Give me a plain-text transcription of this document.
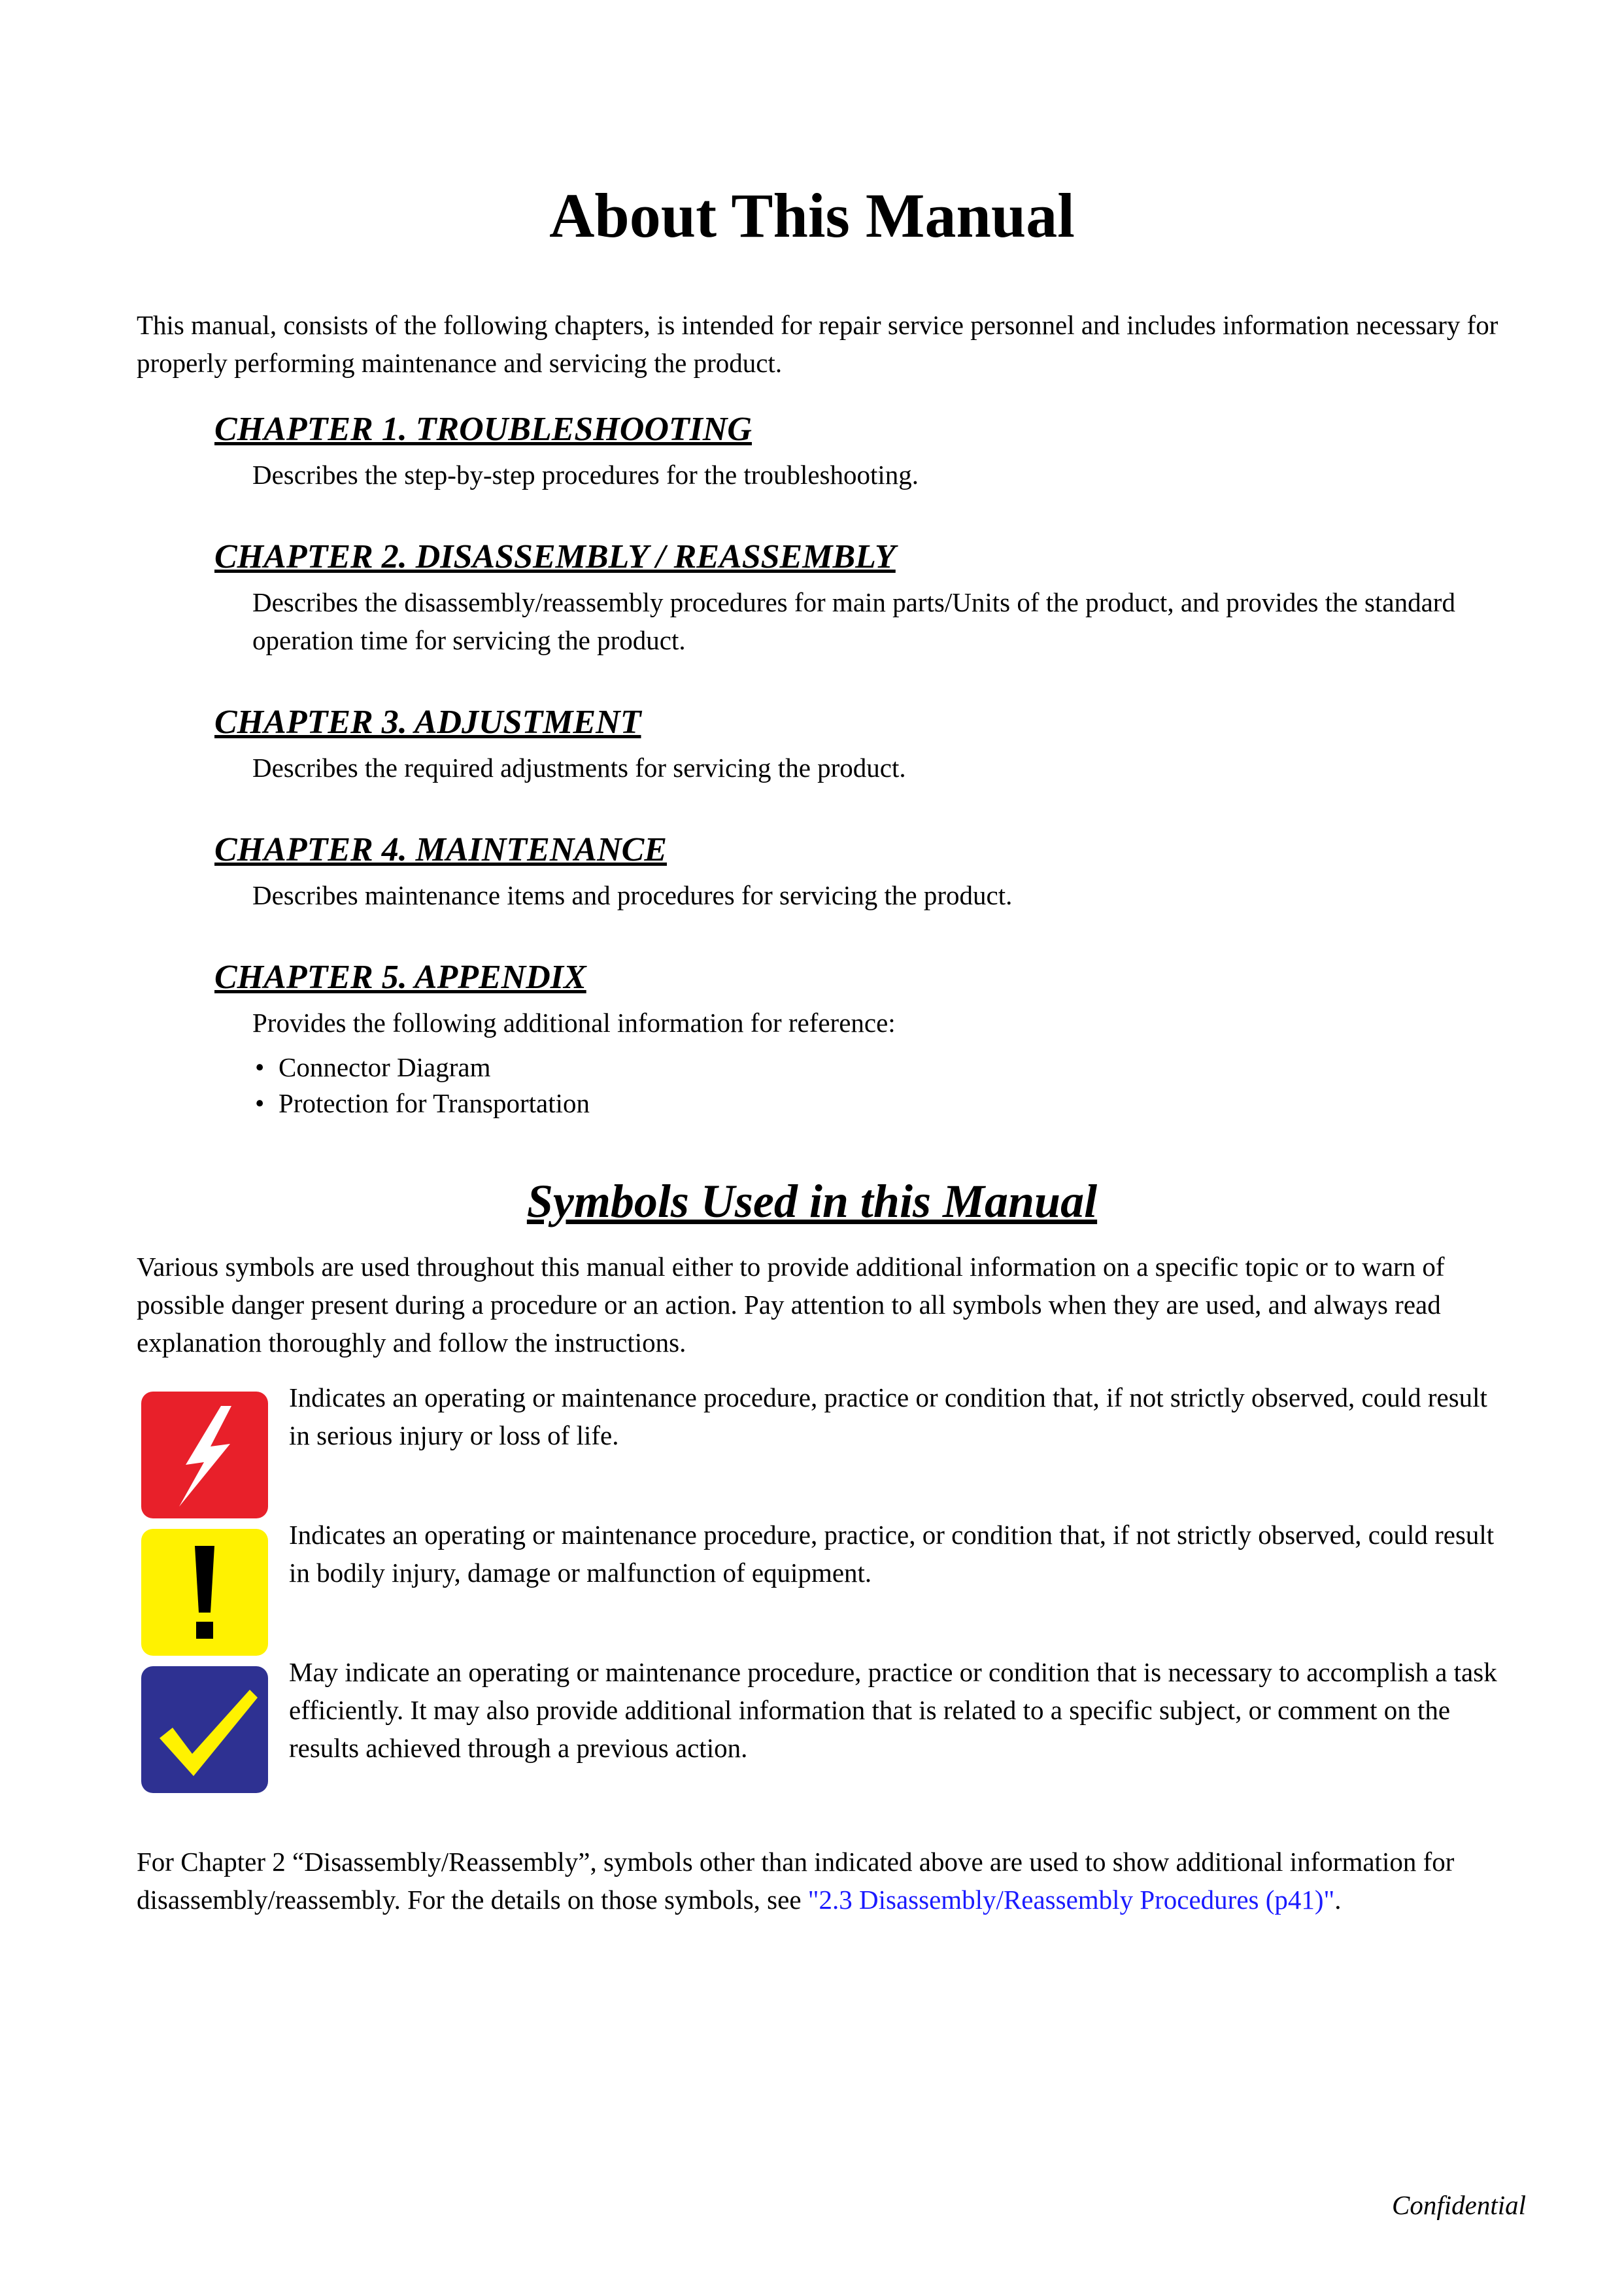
About This Manual

This manual, consists of the following chapters, is intended for repair service personnel and includes information necessary for properly performing maintenance and servicing the product.

CHAPTER 1. TROUBLESHOOTING

Describes the step-by-step procedures for the troubleshooting.

CHAPTER 2. DISASSEMBLY / REASSEMBLY

Describes the disassembly/reassembly procedures for main parts/Units of the product, and provides the standard operation time for servicing the product.

CHAPTER 3. ADJUSTMENT

Describes the required adjustments for servicing the product.

CHAPTER 4. MAINTENANCE

Describes maintenance items and procedures for servicing the product.

CHAPTER 5. APPENDIX

Provides the following additional information for reference:

• Connector Diagram
• Protection for Transportation
Symbols Used in this Manual

Various symbols are used throughout this manual either to provide additional information on a specific topic or to warn of possible danger present during a procedure or an action. Pay attention to all symbols when they are used, and always read explanation thoroughly and follow the instructions.

Indicates an operating or maintenance procedure, practice or condition that, if not strictly observed, could result in serious injury or loss of life.

Indicates an operating or maintenance procedure, practice, or condition that, if not strictly observed, could result in bodily injury, damage or malfunction of equipment.

May indicate an operating or maintenance procedure, practice or condition that is necessary to accomplish a task efficiently. It may also provide additional information that is related to a specific subject, or comment on the results achieved through a previous action.

For Chapter 2 “Disassembly/Reassembly”, symbols other than indicated above are used to show additional information for disassembly/reassembly. For the details on those symbols, see "2.3 Disassembly/Reassembly Procedures (p41)".

Confidential
